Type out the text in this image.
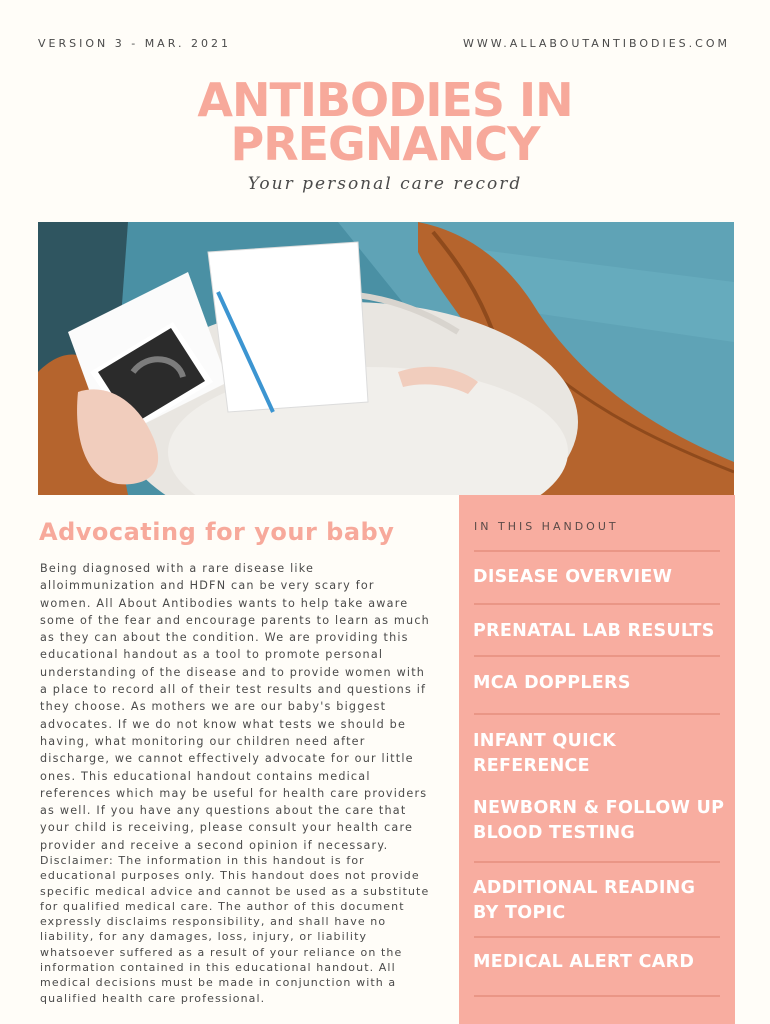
VERSION 3 - MAR. 2021	WWW.ALLABOUTANTIBODIES.COM
ANTIBODIES IN
PREGNANCY
Your personal care record
Advocating for your baby

Being diagnosed with a rare disease like alloimmunization and HDFN can be very scary for women. All About Antibodies wants to help take aware some of the fear and encourage parents to learn as much as they can about the condition. We are providing this educational handout as a tool to promote personal understanding of the disease and to provide women with a place to record all of their test results and questions if they choose. As mothers we are our baby's biggest advocates. If we do not know what tests we should be having, what monitoring our children need after discharge, we cannot effectively advocate for our little ones. This educational handout contains medical references which may be useful for health care providers as well. If you have any questions about the care that your child is receiving, please consult your health care provider and receive a second opinion if necessary.

Disclaimer: The information in this handout is for educational purposes only. This handout does not provide specific medical advice and cannot be used as a substitute for qualified medical care. The author of this document expressly disclaims responsibility, and shall have no liability, for any damages, loss, injury, or liability whatsoever suffered as a result of your reliance on the information contained in this educational handout. All medical decisions must be made in conjunction with a qualified health care professional.

IN THIS HANDOUT
DISEASE OVERVIEW
PRENATAL LAB RESULTS
MCA DOPPLERS
INFANT QUICK
REFERENCE
NEWBORN & FOLLOW UP
BLOOD TESTING
ADDITIONAL READING
BY TOPIC
MEDICAL ALERT CARD
